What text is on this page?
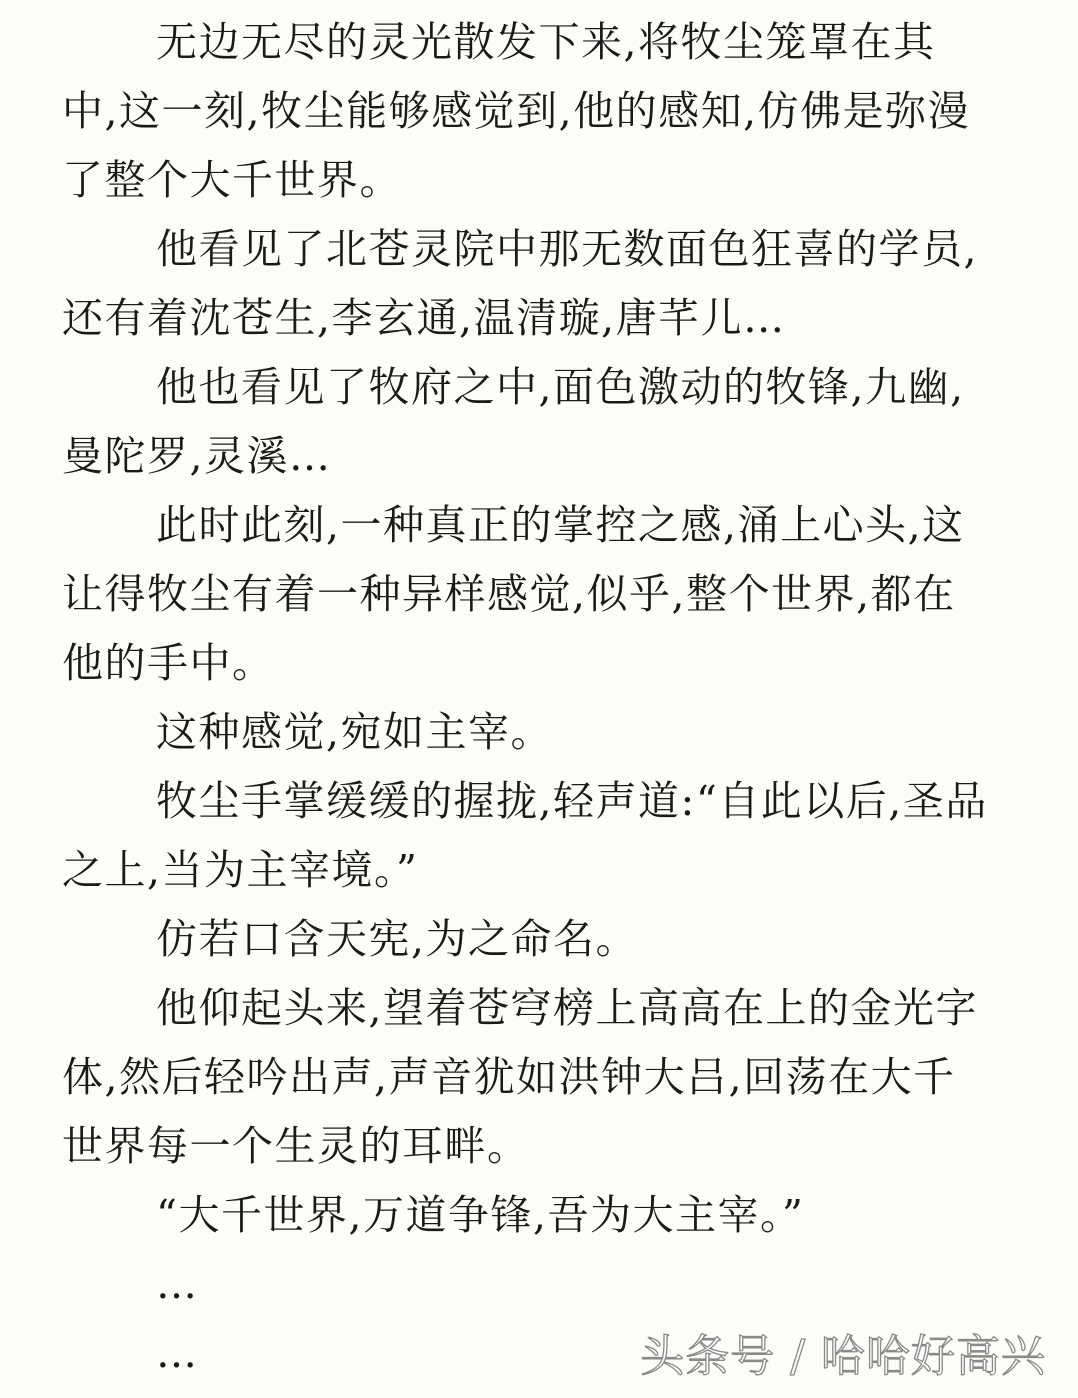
无边无尽的灵光散发下来,将牧尘笼罩在其
中,这一刻,牧尘能够感觉到,他的感知,仿佛是弥漫
了整个大千世界。
他看见了北苍灵院中那无数面色狂喜的学员,
还有着沈苍生,李玄通,温清璇,唐芊儿…
他也看见了牧府之中,面色激动的牧锋,九幽,
曼陀罗,灵溪…
此时此刻,一种真正的掌控之感,涌上心头,这
让得牧尘有着一种异样感觉,似乎,整个世界,都在
他的手中。
这种感觉,宛如主宰。
牧尘手掌缓缓的握拢,轻声道:“自此以后,圣品
之上,当为主宰境。”
仿若口含天宪,为之命名。
他仰起头来,望着苍穹榜上高高在上的金光字
体,然后轻吟出声,声音犹如洪钟大吕,回荡在大千
世界每一个生灵的耳畔。
“大千世界,万道争锋,吾为大主宰。”
…
…	头条号 / 哈哈好高兴
